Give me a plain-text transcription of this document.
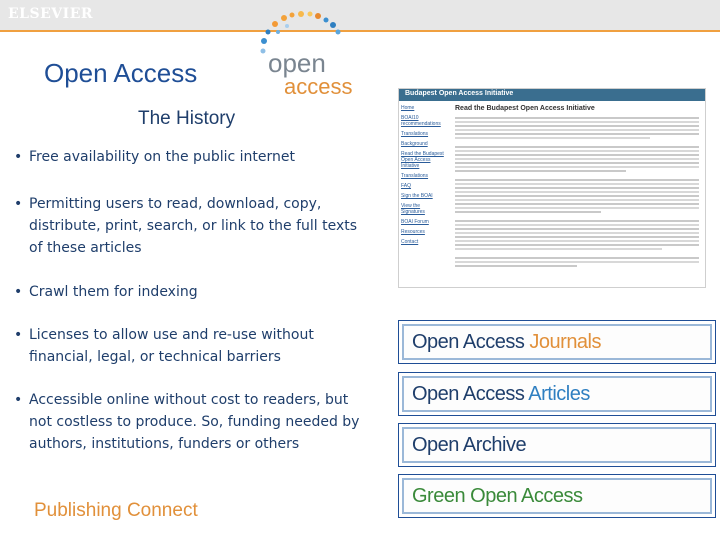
ELSEVIER
Open Access
The History
• Free availability on the public internet
• Permitting users to read, download, copy, distribute, print, search, or link to the full texts of these articles
• Crawl them for indexing
• Licenses to allow use and re-use without financial, legal, or technical barriers
• Accessible online without cost to readers, but not costless to produce. So, funding needed by authors, institutions, funders or others
open
access	Budapest Open Access Initiative
Home
BOAI10 recommendations
Translations
Background
Read the Budapest Open Access Initiative
Translations
FAQ
Sign the BOAI
View the Signatures
BOAI Forum
Resources
Contact
Read the Budapest Open Access Initiative
Open Access Journals
Open Access Articles
Open Archive
Green Open Access
Publishing Connect
